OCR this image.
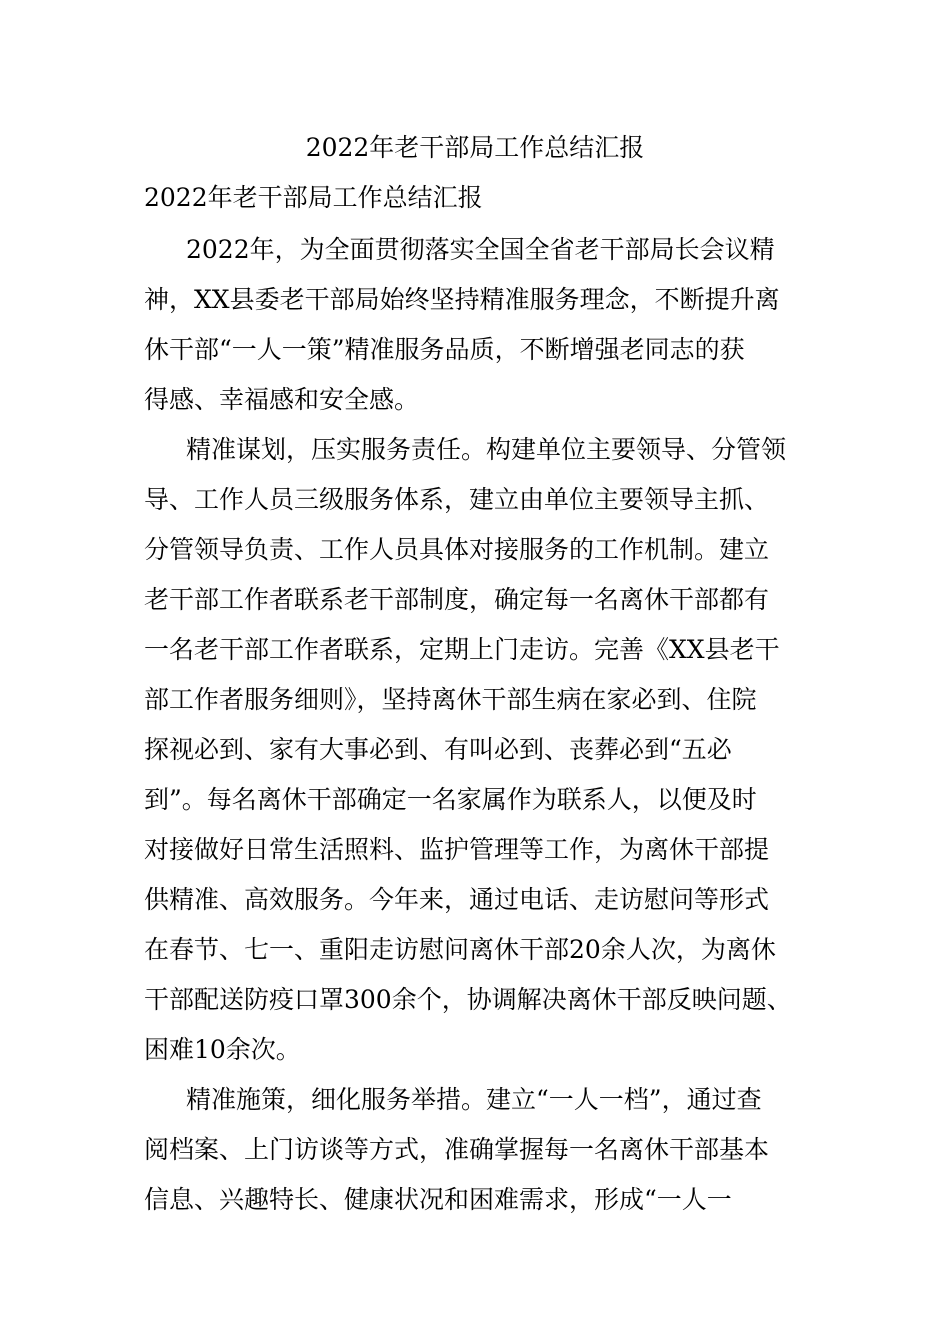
2022年老干部局工作总结汇报
2022年老干部局工作总结汇报
2022年，为全面贯彻落实全国全省老干部局长会议精
神，XX县委老干部局始终坚持精准服务理念，不断提升离
休干部“一人一策”精准服务品质，不断增强老同志的获
得感、幸福感和安全感。
精准谋划，压实服务责任。构建单位主要领导、分管领
导、工作人员三级服务体系，建立由单位主要领导主抓、
分管领导负责、工作人员具体对接服务的工作机制。建立
老干部工作者联系老干部制度，确定每一名离休干部都有
一名老干部工作者联系，定期上门走访。完善《XX县老干
部工作者服务细则》，坚持离休干部生病在家必到、住院
探视必到、家有大事必到、有叫必到、丧葬必到“五必
到”。每名离休干部确定一名家属作为联系人，以便及时
对接做好日常生活照料、监护管理等工作，为离休干部提
供精准、高效服务。今年来，通过电话、走访慰问等形式
在春节、七一、重阳走访慰问离休干部20余人次，为离休
干部配送防疫口罩300余个，协调解决离休干部反映问题、
困难10余次。
精准施策，细化服务举措。建立“一人一档”，通过查
阅档案、上门访谈等方式，准确掌握每一名离休干部基本
信息、兴趣特长、健康状况和困难需求，形成“一人一
